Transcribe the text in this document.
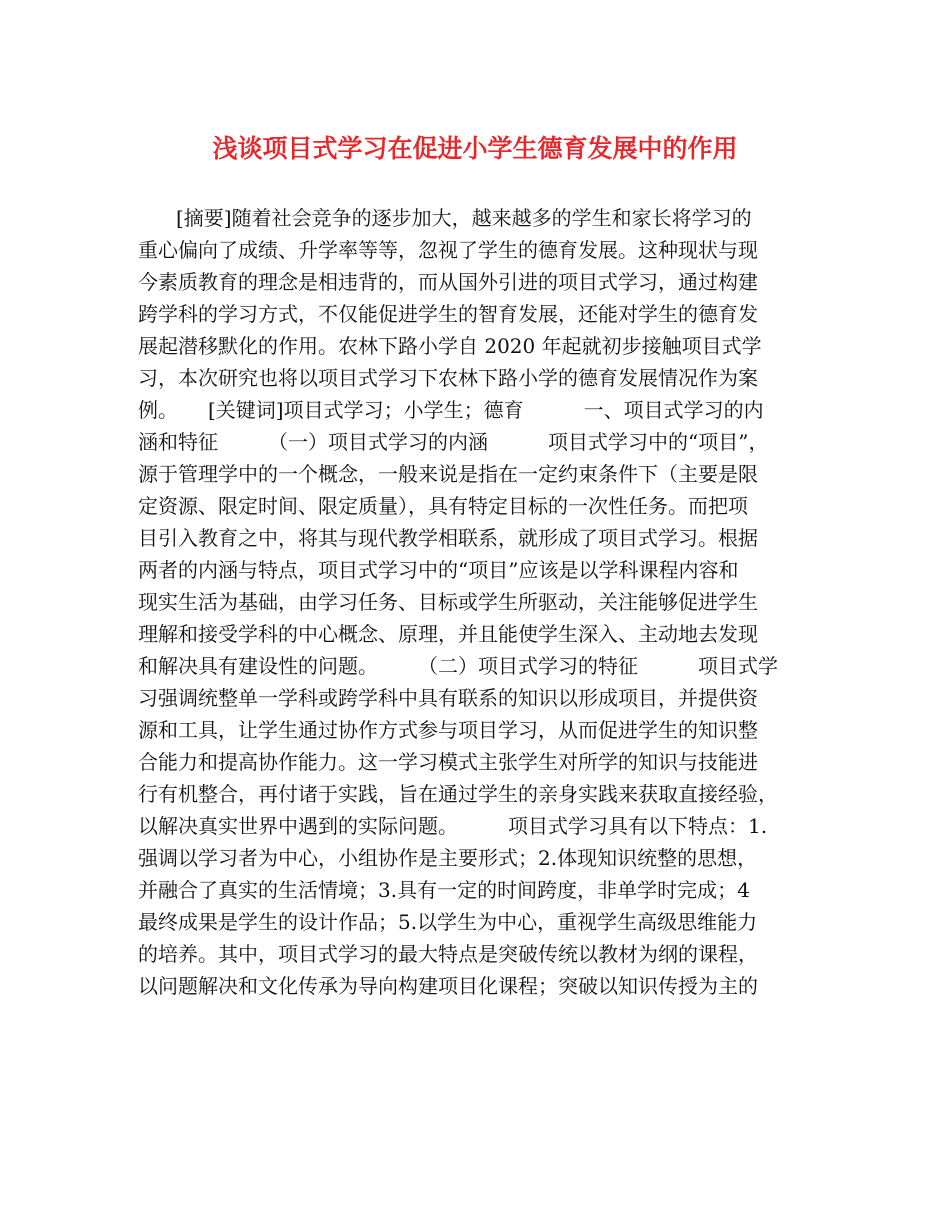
浅谈项目式学习在促进小学生德育发展中的作用
[摘要]随着社会竞争的逐步加大，越来越多的学生和家长将学习的
重心偏向了成绩、升学率等等，忽视了学生的德育发展。这种现状与现
今素质教育的理念是相违背的，而从国外引进的项目式学习，通过构建
跨学科的学习方式，不仅能促进学生的智育发展，还能对学生的德育发
展起潜移默化的作用。农林下路小学自 2020 年起就初步接触项目式学
习，本次研究也将以项目式学习下农林下路小学的德育发展情况作为案
例。　　[关键词]项目式学习；小学生；德育　　　一、项目式学习的内
涵和特征　　　（一）项目式学习的内涵　　　项目式学习中的“项目”，
源于管理学中的一个概念，一般来说是指在一定约束条件下（主要是限
定资源、限定时间、限定质量），具有特定目标的一次性任务。而把项
目引入教育之中，将其与现代教学相联系，就形成了项目式学习。根据
两者的内涵与特点，项目式学习中的“项目”应该是以学科课程内容和
现实生活为基础，由学习任务、目标或学生所驱动，关注能够促进学生
理解和接受学科的中心概念、原理，并且能使学生深入、主动地去发现
和解决具有建设性的问题。　　　（二）项目式学习的特征　　　项目式学
习强调统整单一学科或跨学科中具有联系的知识以形成项目，并提供资
源和工具，让学生通过协作方式参与项目学习，从而促进学生的知识整
合能力和提高协作能力。这一学习模式主张学生对所学的知识与技能进
行有机整合，再付诸于实践，旨在通过学生的亲身实践来获取直接经验，
以解决真实世界中遇到的实际问题。　　　项目式学习具有以下特点：1.
强调以学习者为中心，小组协作是主要形式；2.体现知识统整的思想，
并融合了真实的生活情境；3.具有一定的时间跨度，非单学时完成；4
最终成果是学生的设计作品；5.以学生为中心，重视学生高级思维能力
的培养。其中，项目式学习的最大特点是突破传统以教材为纲的课程，
以问题解决和文化传承为导向构建项目化课程；突破以知识传授为主的
